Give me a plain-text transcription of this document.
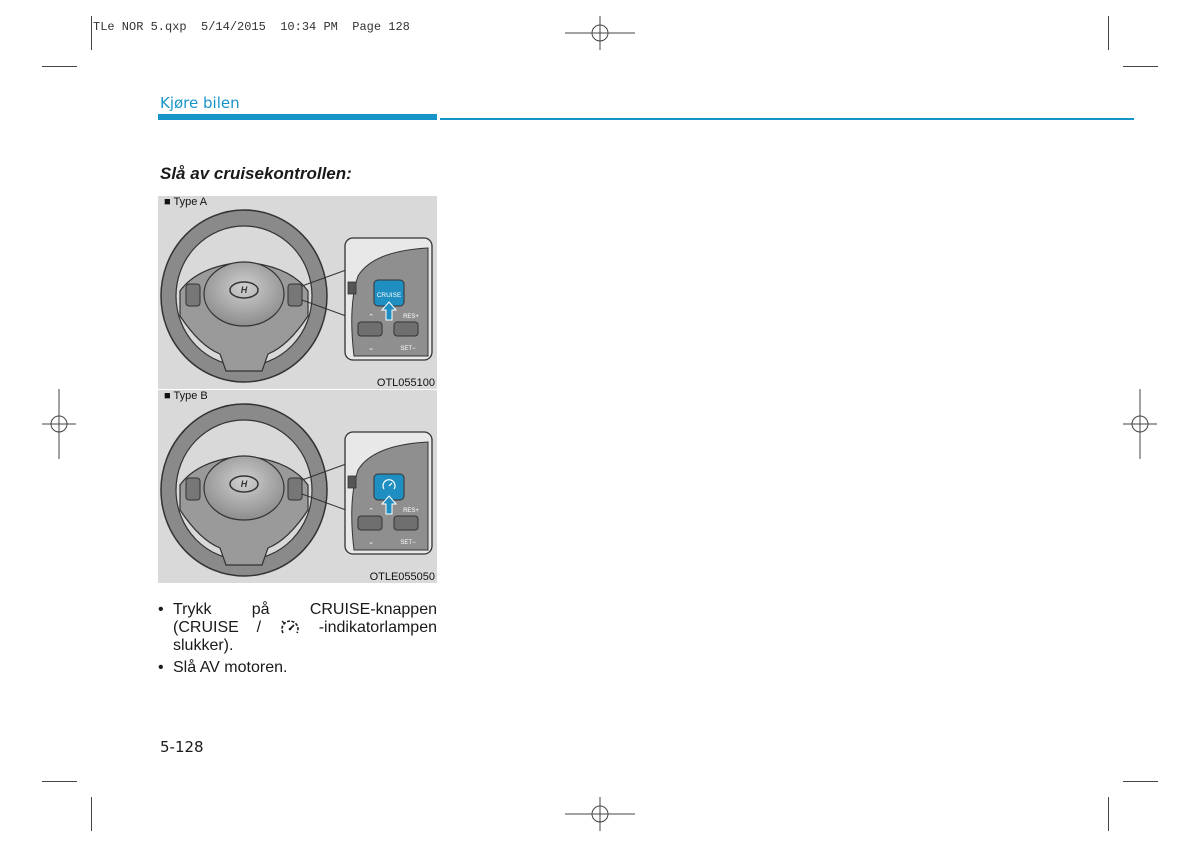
TLe NOR 5.qxp  5/14/2015  10:34 PM  Page 128
Kjøre bilen
Slå av cruisekontrollen:
H
CRUISE
⌃
⌄
RES+
SET−
■ Type A
OTL055100
H
⌃
⌄
RES+
SET−
■ Type B
OTLE055050
• Trykk	på	CRUISE-knappen
(CRUISE /	-indikatorlampen
slukker).
• Slå AV motoren.
5-128
